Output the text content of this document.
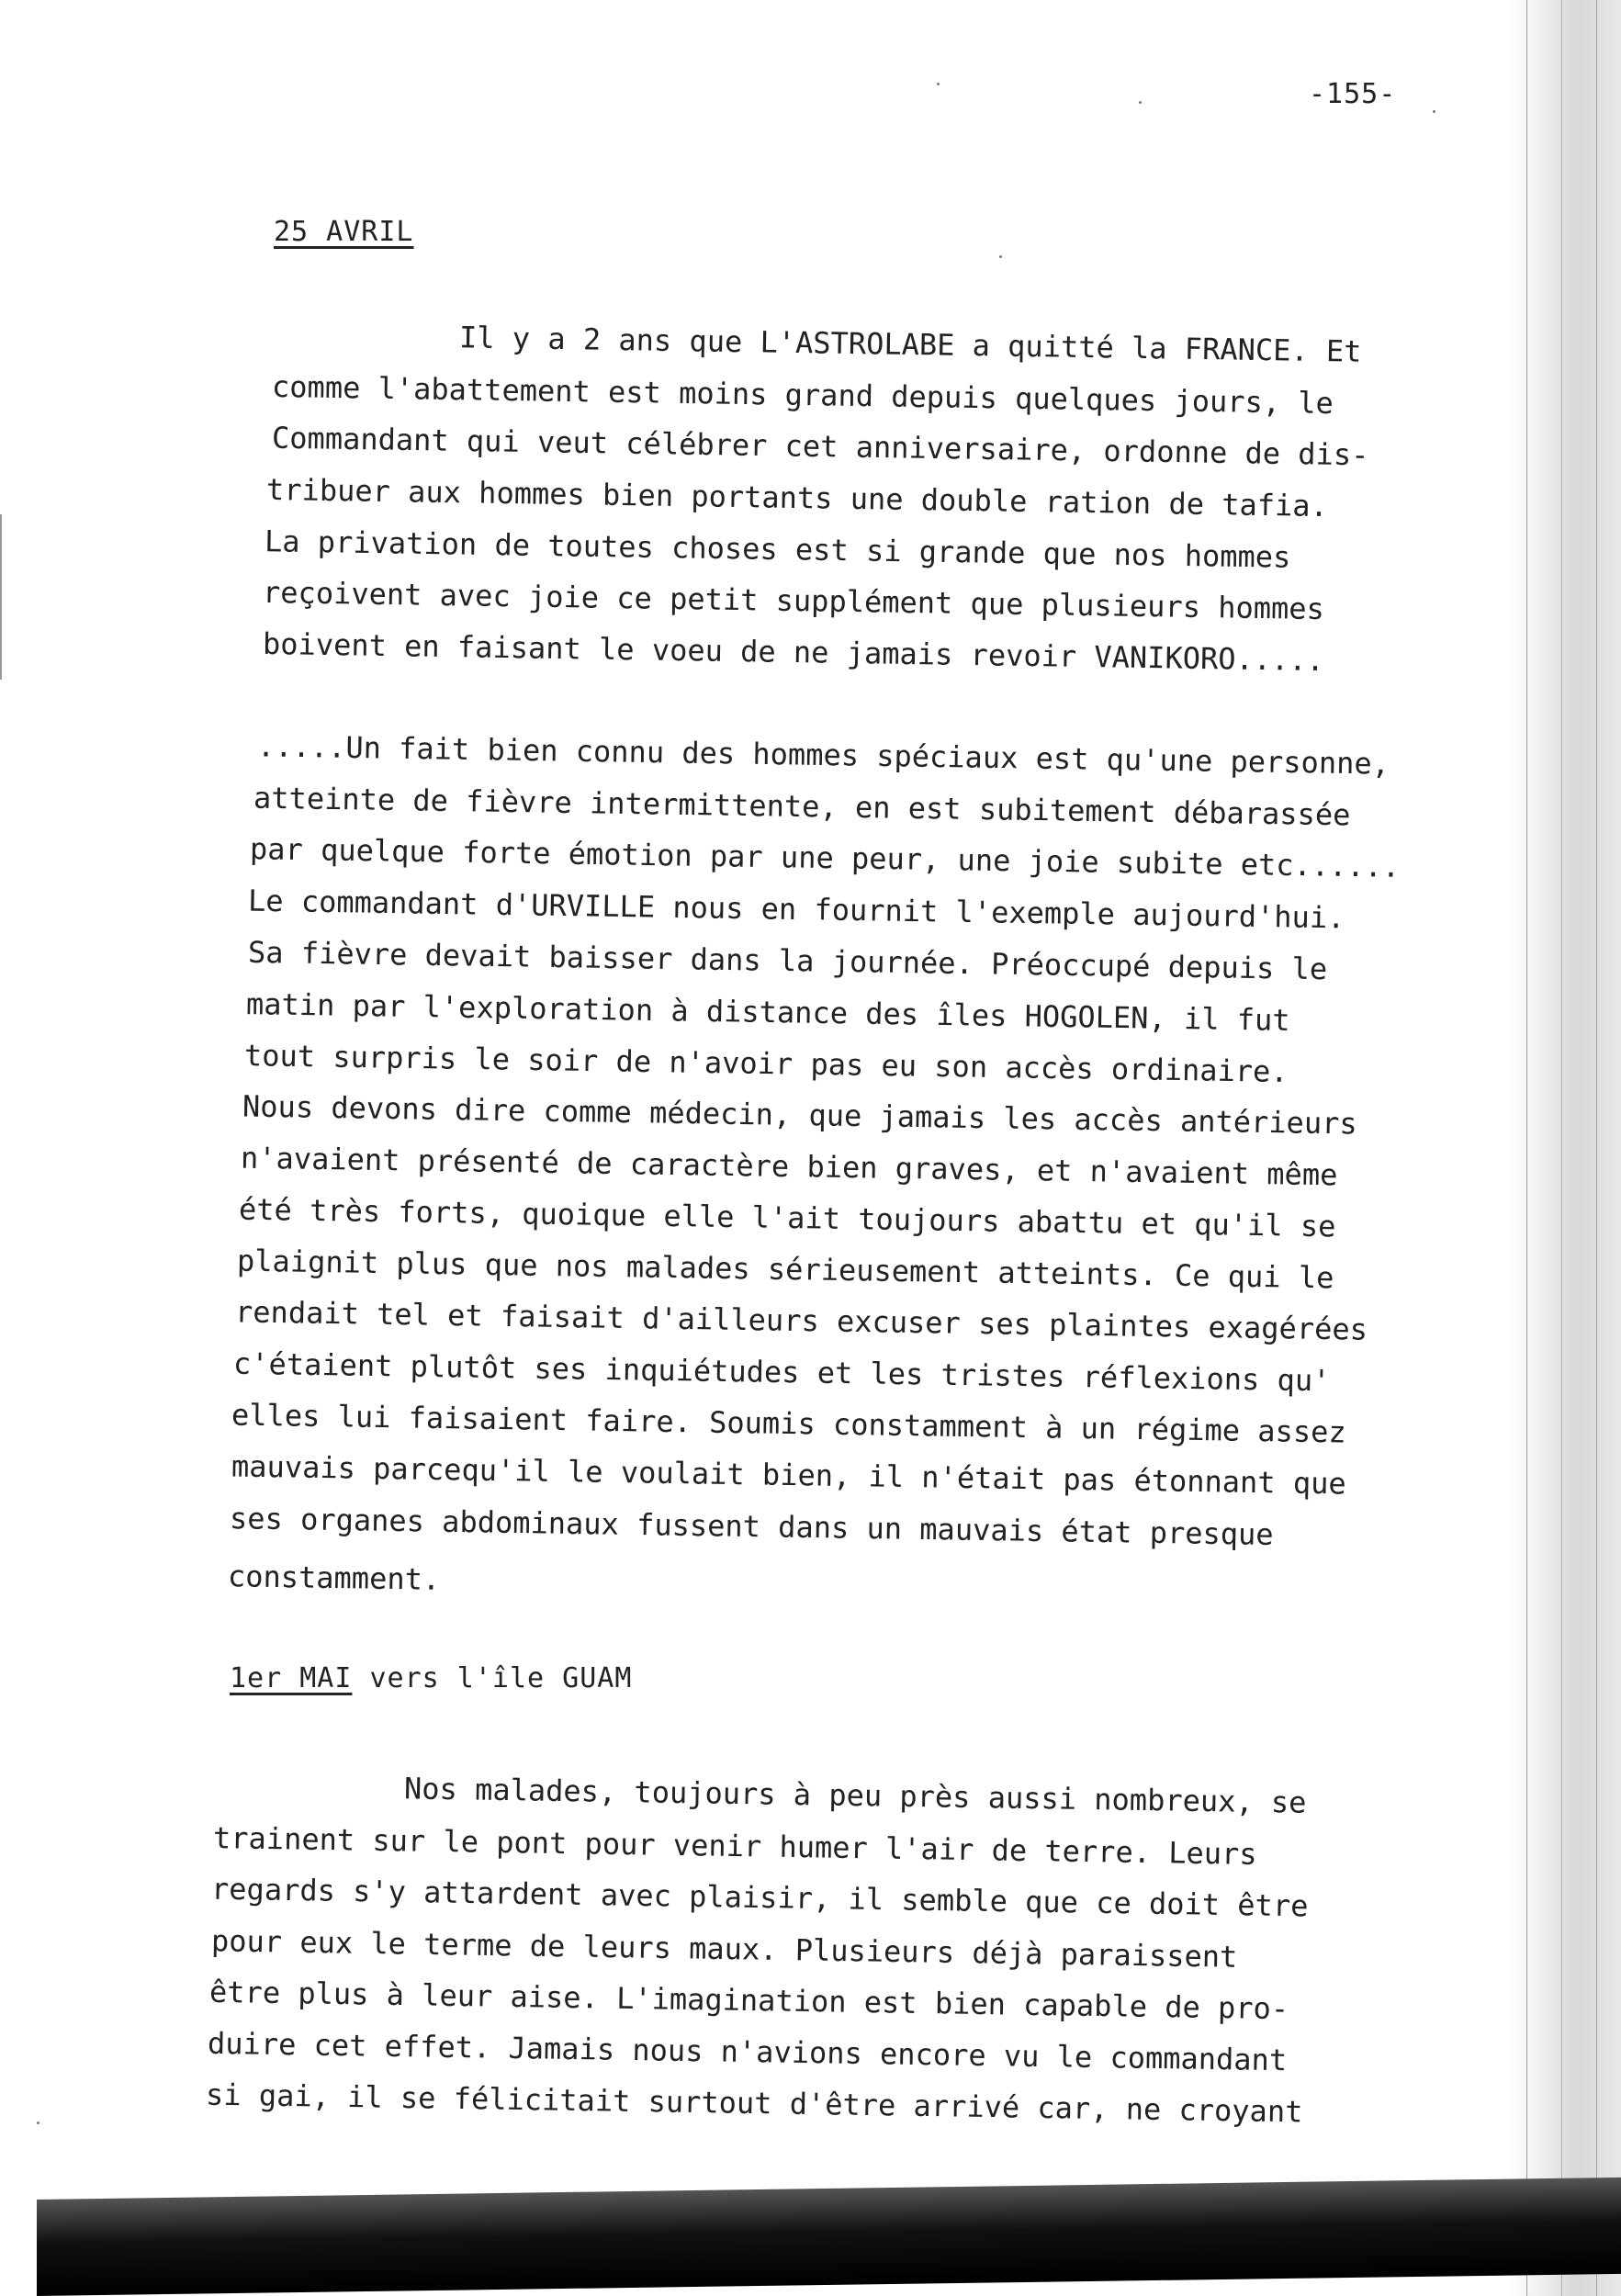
-155-
25 AVRIL
Il y a 2 ans que L'ASTROLABE a quitté la FRANCE. Et
comme l'abattement est moins grand depuis quelques jours, le
Commandant qui veut célébrer cet anniversaire, ordonne de dis-
tribuer aux hommes bien portants une double ration de tafia.
La privation de toutes choses est si grande que nos hommes
reçoivent avec joie ce petit supplément que plusieurs hommes
boivent en faisant le voeu de ne jamais revoir VANIKORO.....
.....Un fait bien connu des hommes spéciaux est qu'une personne,
atteinte de fièvre intermittente, en est subitement débarassée
par quelque forte émotion par une peur, une joie subite etc......
Le commandant d'URVILLE nous en fournit l'exemple aujourd'hui.
Sa fièvre devait baisser dans la journée. Préoccupé depuis le
matin par l'exploration à distance des îles HOGOLEN, il fut
tout surpris le soir de n'avoir pas eu son accès ordinaire.
Nous devons dire comme médecin, que jamais les accès antérieurs
n'avaient présenté de caractère bien graves, et n'avaient même
été très forts, quoique elle l'ait toujours abattu et qu'il se
plaignit plus que nos malades sérieusement atteints. Ce qui le
rendait tel et faisait d'ailleurs excuser ses plaintes exagérées
c'étaient plutôt ses inquiétudes et les tristes réflexions qu'
elles lui faisaient faire. Soumis constamment à un régime assez
mauvais parcequ'il le voulait bien, il n'était pas étonnant que
ses organes abdominaux fussent dans un mauvais état presque
constamment.
1er MAI vers l'île GUAM
Nos malades, toujours à peu près aussi nombreux, se
trainent sur le pont pour venir humer l'air de terre. Leurs
regards s'y attardent avec plaisir, il semble que ce doit être
pour eux le terme de leurs maux. Plusieurs déjà paraissent
être plus à leur aise. L'imagination est bien capable de pro-
duire cet effet. Jamais nous n'avions encore vu le commandant
si gai, il se félicitait surtout d'être arrivé car, ne croyant
